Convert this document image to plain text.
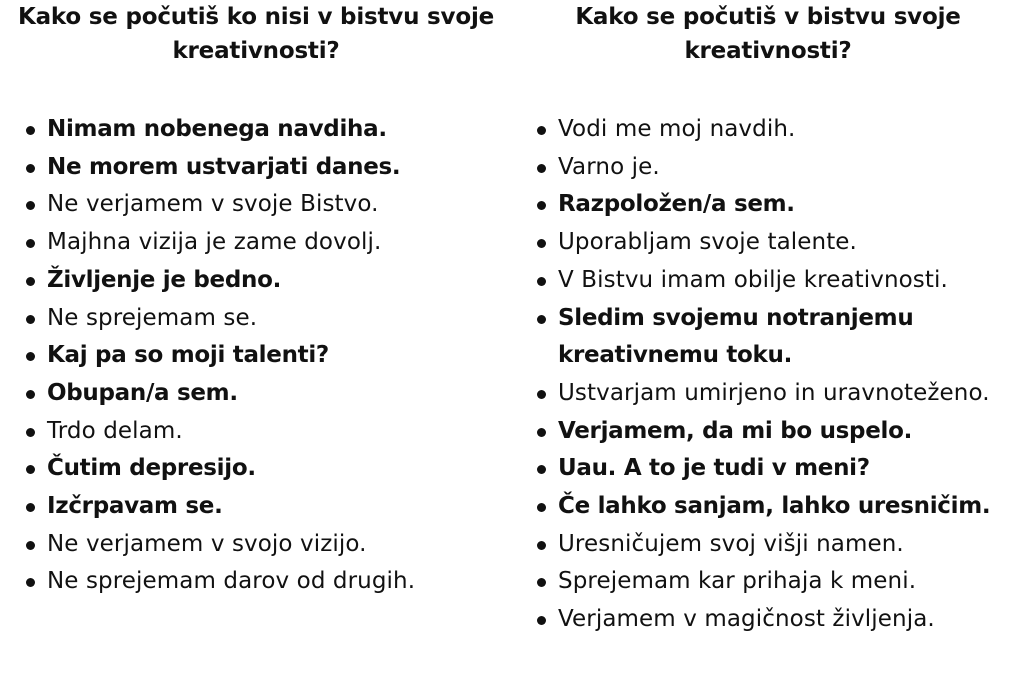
Kako se počutiš ko nisi v bistvu svoje kreativnosti?
Nimam nobenega navdiha.
Ne morem ustvarjati danes.
Ne verjamem v svoje Bistvo.
Majhna vizija je zame dovolj.
Življenje je bedno.
Ne sprejemam se.
Kaj pa so moji talenti?
Obupan/a sem.
Trdo delam.
Čutim depresijo.
Izčrpavam se.
Ne verjamem v svojo vizijo.
Ne sprejemam darov od drugih.
Kako se počutiš v bistvu svoje kreativnosti?
Vodi me moj navdih.
Varno je.
Razpoložen/a sem.
Uporabljam svoje talente.
V Bistvu imam obilje kreativnosti.
Sledim svojemu notranjemu kreativnemu toku.
Ustvarjam umirjeno in uravnoteženo.
Verjamem, da mi bo uspelo.
Uau. A to je tudi v meni?
Če lahko sanjam, lahko uresničim.
Uresničujem svoj višji namen.
Sprejemam kar prihaja k meni.
Verjamem v magičnost življenja.
